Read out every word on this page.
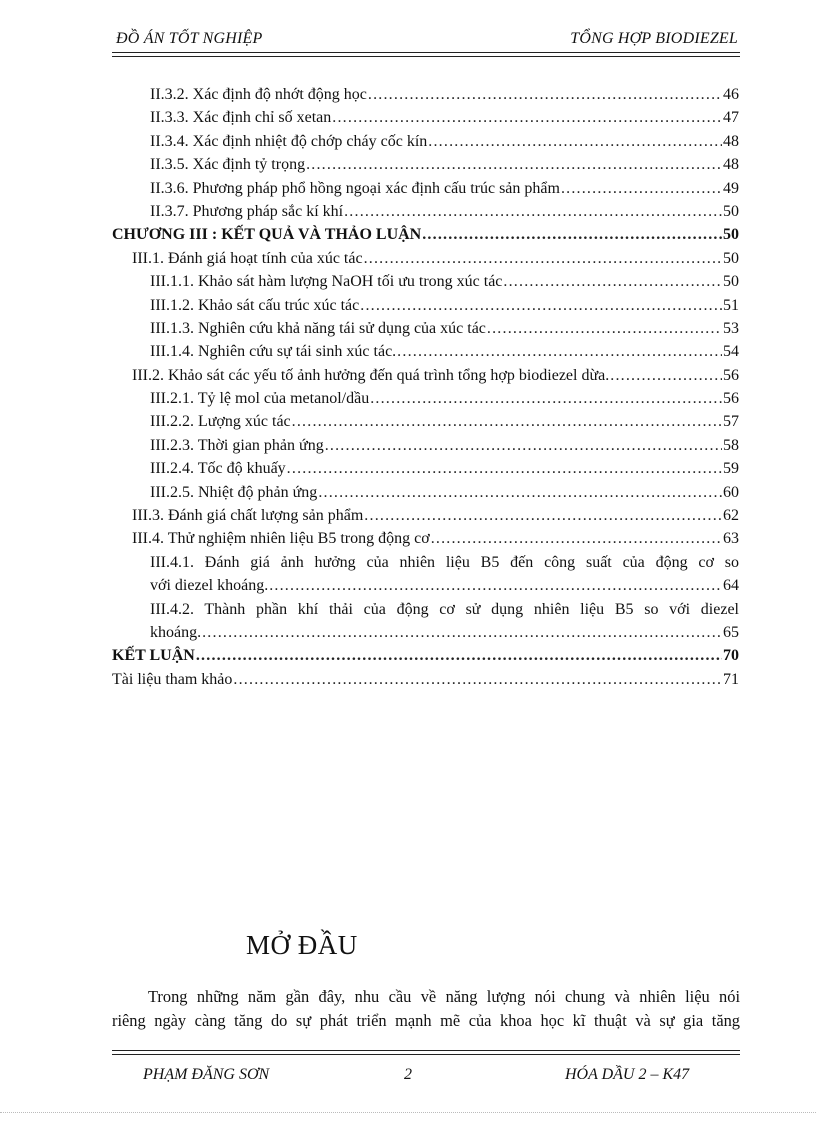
ĐỒ ÁN TỐT NGHIỆP	TỔNG HỢP BIODIEZEL
II.3.2. Xác định độ nhớt động học .....	46
II.3.3. Xác định chỉ số xetan .....	47
II.3.4. Xác định nhiệt độ chớp cháy cốc kín .....	48
II.3.5. Xác định tỷ trọng .....	48
II.3.6. Phương pháp phổ hồng ngoại xác định cấu trúc sản phẩm .....	49
II.3.7. Phương pháp sắc kí khí .....	50
CHƯƠNG III : KẾT QUẢ VÀ THẢO LUẬN .....	50
III.1. Đánh giá hoạt tính của xúc tác .....	50
III.1.1. Khảo sát hàm lượng NaOH tối ưu trong xúc tác .....	50
III.1.2. Khảo sát cấu trúc xúc tác .....	51
III.1.3. Nghiên cứu khả năng tái sử dụng của xúc tác .....	53
III.1.4. Nghiên cứu sự tái sinh xúc tác. .....	54
III.2. Khảo sát các yếu tố ảnh hưởng đến quá trình tổng hợp biodiezel dừa. .....	56
III.2.1. Tỷ lệ mol của metanol/dầu .....	56
III.2.2. Lượng xúc tác .....	57
III.2.3. Thời gian phản ứng .....	58
III.2.4. Tốc độ khuấy .....	59
III.2.5. Nhiệt độ phản ứng .....	60
III.3. Đánh giá chất lượng sản phẩm .....	62
III.4. Thử nghiệm nhiên liệu B5 trong động cơ .....	63
III.4.1. Đánh giá ảnh hưởng của nhiên liệu B5 đến công suất của động cơ so
với diezel khoáng. .....	64
III.4.2. Thành phần khí thải của động cơ sử dụng nhiên liệu B5 so với diezel
khoáng. .....	65
KẾT LUẬN .....	70
Tài liệu tham khảo .....	71
MỞ ĐẦU
Trong những năm gần đây, nhu cầu về năng lượng nói chung và nhiên liệu nói
riêng ngày càng tăng do sự phát triển mạnh mẽ của khoa học kĩ thuật và sự gia tăng
PHẠM ĐĂNG SƠN	2	HÓA DẦU 2 – K47
